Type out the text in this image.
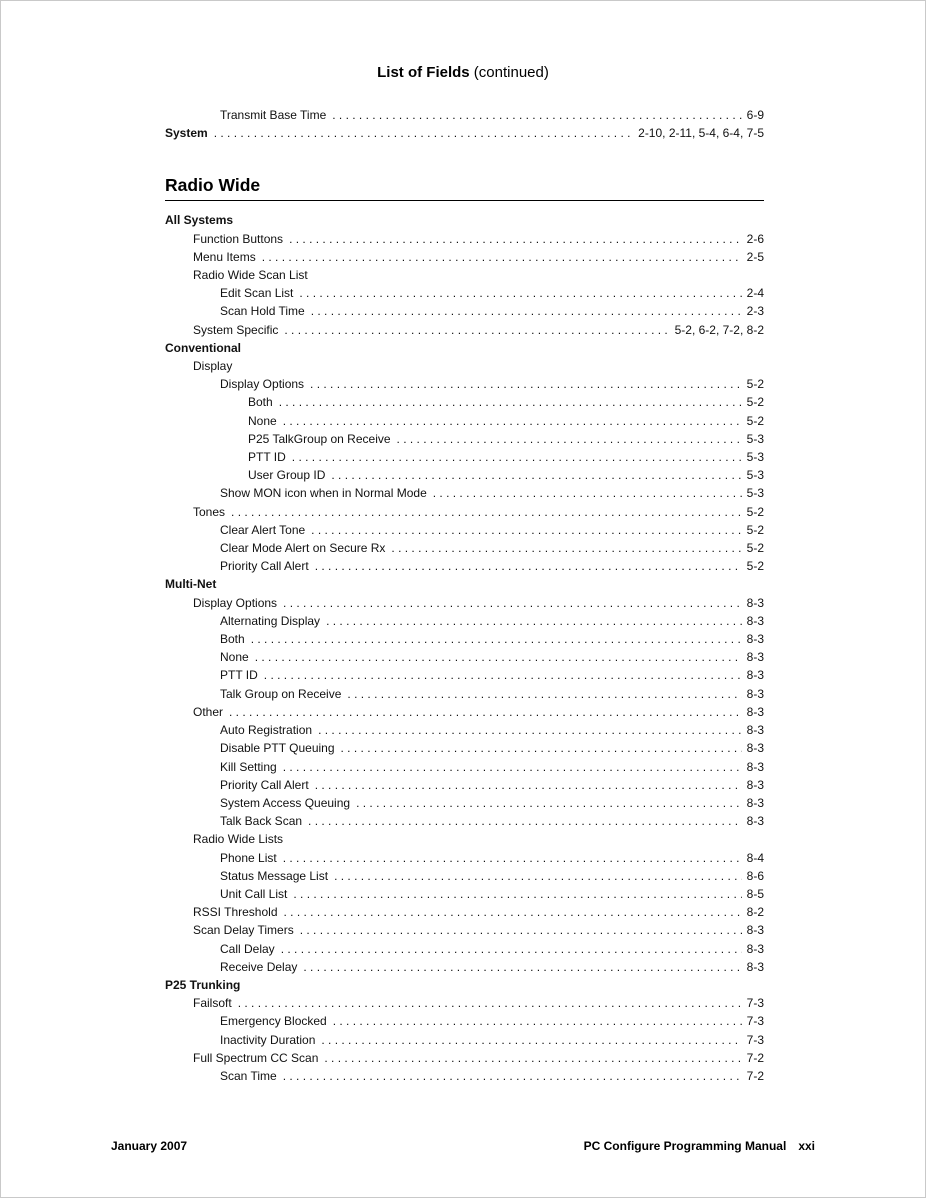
List of Fields (continued)
Transmit Base Time . . .	6-9
System . . .	2-10, 2-11, 5-4, 6-4, 7-5
Radio Wide
All Systems
Function Buttons . . .	2-6
Menu Items . . .	2-5
Radio Wide Scan List
Edit Scan List . . .	2-4
Scan Hold Time . . .	2-3
System Specific . . .	5-2, 6-2, 7-2, 8-2
Conventional
Display
Display Options . . .	5-2
Both . . .	5-2
None . . .	5-2
P25 TalkGroup on Receive . . .	5-3
PTT ID . . .	5-3
User Group ID . . .	5-3
Show MON icon when in Normal Mode . . .	5-3
Tones . . .	5-2
Clear Alert Tone . . .	5-2
Clear Mode Alert on Secure Rx . . .	5-2
Priority Call Alert . . .	5-2
Multi-Net
Display Options . . .	8-3
Alternating Display . . .	8-3
Both . . .	8-3
None . . .	8-3
PTT ID . . .	8-3
Talk Group on Receive . . .	8-3
Other . . .	8-3
Auto Registration . . .	8-3
Disable PTT Queuing . . .	8-3
Kill Setting . . .	8-3
Priority Call Alert . . .	8-3
System Access Queuing . . .	8-3
Talk Back Scan . . .	8-3
Radio Wide Lists
Phone List . . .	8-4
Status Message List . . .	8-6
Unit Call List . . .	8-5
RSSI Threshold . . .	8-2
Scan Delay Timers . . .	8-3
Call Delay . . .	8-3
Receive Delay . . .	8-3
P25 Trunking
Failsoft . . .	7-3
Emergency Blocked . . .	7-3
Inactivity Duration . . .	7-3
Full Spectrum CC Scan . . .	7-2
Scan Time . . .	7-2
January 2007	PC Configure Programming Manual xxi
